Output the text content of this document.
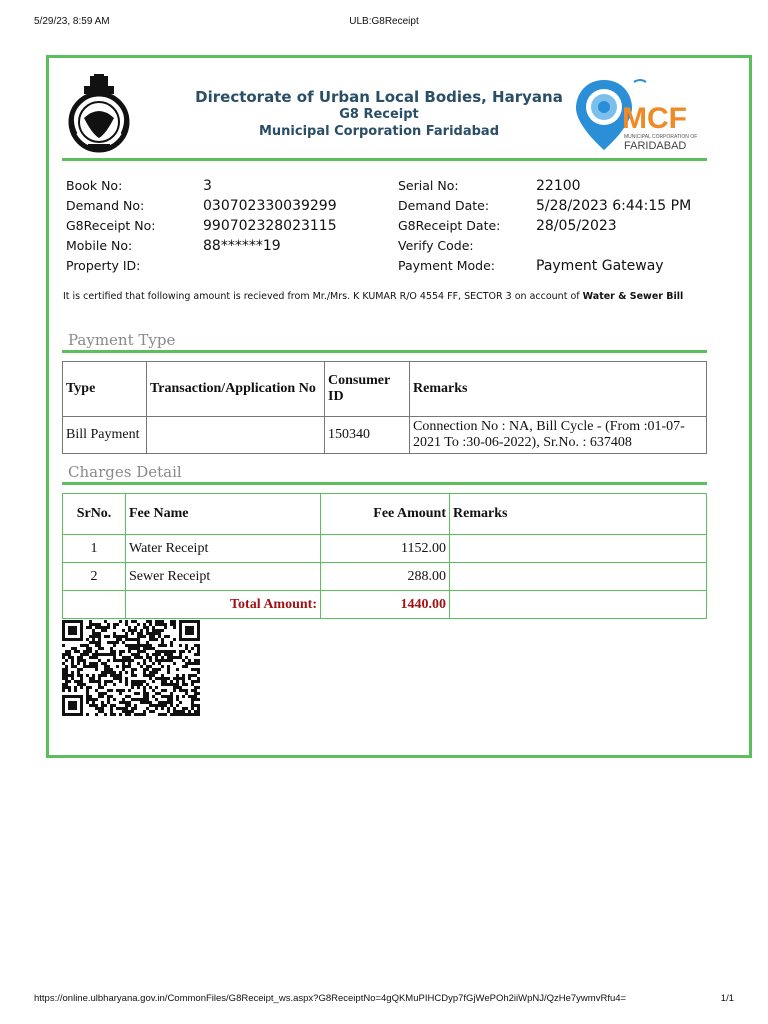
5/29/23, 8:59 AM	ULB:G8Receipt
Directorate of Urban Local Bodies, Haryana
G8 Receipt
Municipal Corporation Faridabad	MCF
MUNICIPAL CORPORATION OF
FARIDABAD
Book No:	3
Demand No:	030702330039299
G8Receipt No:	990702328023115
Mobile No:	88******19
Property ID:
Serial No:	22100
Demand Date:	5/28/2023 6:44:15 PM
G8Receipt Date:	28/05/2023
Verify Code:
Payment Mode:	Payment Gateway
It is certified that following amount is recieved from Mr./Mrs. K KUMAR R/O 4554 FF, SECTOR 3 on account of Water & Sewer Bill
Payment Type
Type	Transaction/Application No	Consumer ID	Remarks
Bill Payment		150340	Connection No : NA, Bill Cycle - (From :01-07-2021 To :30-06-2022), Sr.No. : 637408
Charges Detail
SrNo.	Fee Name	Fee Amount	Remarks
1	Water Receipt	1152.00	
2	Sewer Receipt	288.00	
	Total Amount:	1440.00	
https://online.ulbharyana.gov.in/CommonFiles/G8Receipt_ws.aspx?G8ReceiptNo=4gQKMuPIHCDyp7fGjWePOh2iiWpNJ/QzHe7ywmvRfu4=	1/1
